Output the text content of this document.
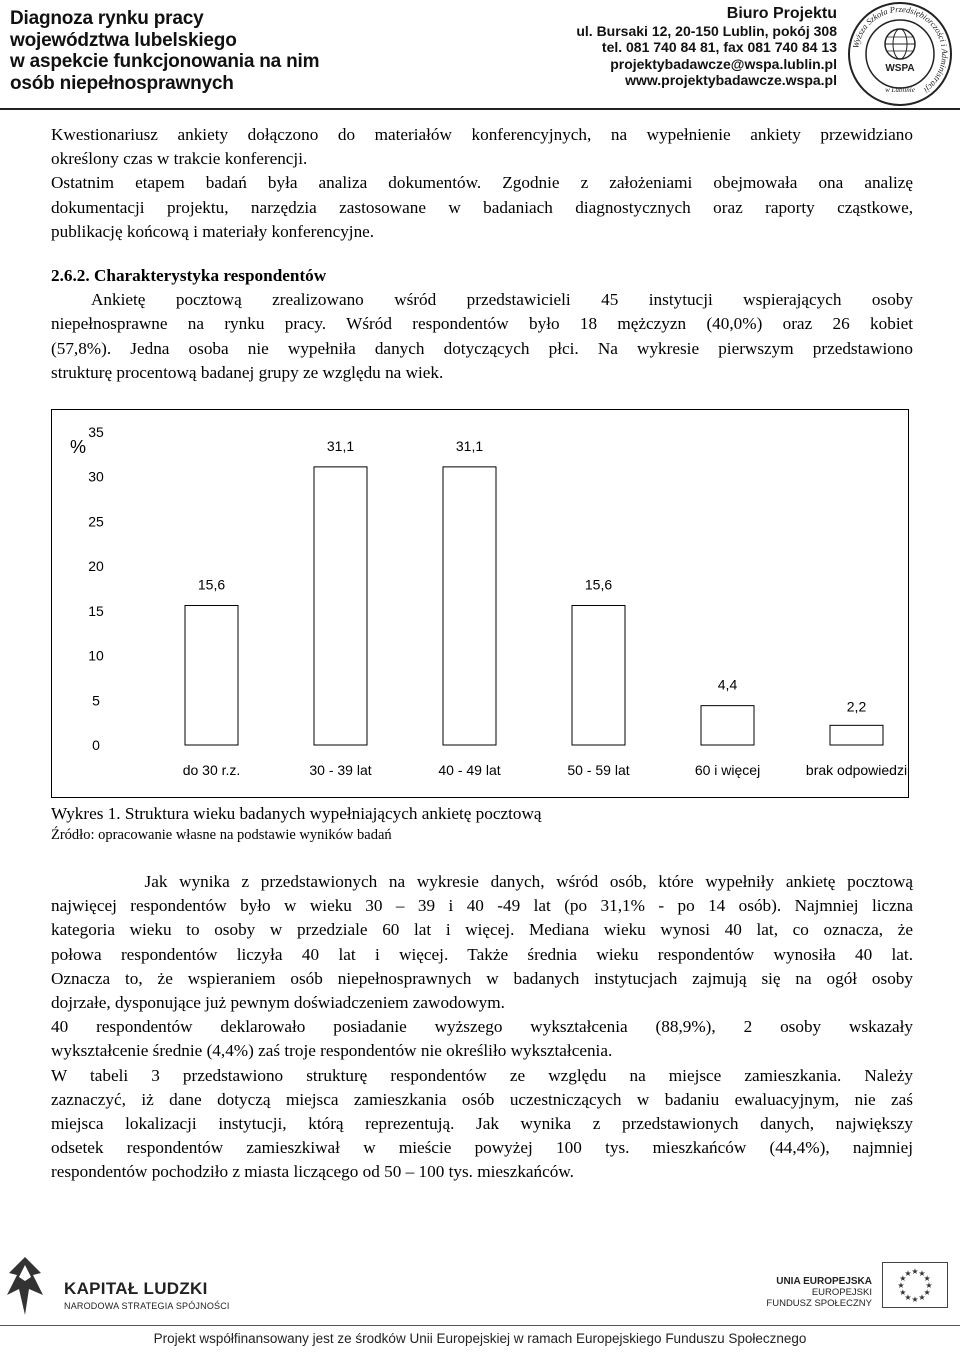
Diagnoza rynku pracy
województwa lubelskiego
w aspekcie funkcjonowania na nim
osób niepełnosprawnych
Biuro Projektu
ul. Bursaki 12, 20-150 Lublin, pokój 308
tel. 081 740 84 81, fax 081 740 84 13
projektybadawcze@wspa.lublin.pl
www.projektybadawcze.wspa.pl
Wyższa Szkoła Przedsiębiorczości i Administracji
WSPA
w Lublinie
Kwestionariusz ankiety dołączono do materiałów konferencyjnych, na wypełnienie ankiety przewidziano
określony czas w trakcie konferencji.
Ostatnim etapem badań była analiza dokumentów. Zgodnie z założeniami obejmowała ona analizę
dokumentacji projektu, narzędzia zastosowane w badaniach diagnostycznych oraz raporty cząstkowe,
publikację końcową i materiały konferencyjne.
2.6.2. Charakterystyka respondentów
Ankietę pocztową zrealizowano wśród przedstawicieli 45 instytucji wspierających osoby
niepełnosprawne na rynku pracy. Wśród respondentów było 18 mężczyzn (40,0%) oraz 26 kobiet
(57,8%). Jedna osoba nie wypełniła danych dotyczących płci. Na wykresie pierwszym przedstawiono
strukturę procentową badanej grupy ze względu na wiek.
%
0
5
10
15
20
25
30
35
15,6
do 30 r.z.
31,1
30 - 39 lat
31,1
40 - 49 lat
15,6
50 - 59 lat
4,4
60 i więcej
2,2
brak odpowiedzi
Wykres 1. Struktura wieku badanych wypełniających ankietę pocztową
Źródło: opracowanie własne na podstawie wyników badań
Jak wynika z przedstawionych na wykresie danych, wśród osób, które wypełniły ankietę pocztową
najwięcej respondentów było w wieku 30 – 39 i 40 -49 lat (po 31,1% - po 14 osób). Najmniej liczna
kategoria wieku to osoby w przedziale 60 lat i więcej. Mediana wieku wynosi 40 lat, co oznacza, że
połowa respondentów liczyła 40 lat i więcej. Także średnia wieku respondentów wynosiła 40 lat.
Oznacza to, że wspieraniem osób niepełnosprawnych w badanych instytucjach zajmują się na ogół osoby
dojrzałe, dysponujące już pewnym doświadczeniem zawodowym.
40 respondentów deklarowało posiadanie wyższego wykształcenia (88,9%), 2 osoby wskazały
wykształcenie średnie (4,4%) zaś troje respondentów nie określiło wykształcenia.
W tabeli 3 przedstawiono strukturę respondentów ze względu na miejsce zamieszkania. Należy
zaznaczyć, iż dane dotyczą miejsca zamieszkania osób uczestniczących w badaniu ewaluacyjnym, nie zaś
miejsca lokalizacji instytucji, którą reprezentują. Jak wynika z przedstawionych danych, największy
odsetek respondentów zamieszkiwał w mieście powyżej 100 tys. mieszkańców (44,4%), najmniej
respondentów pochodziło z miasta liczącego od 50 – 100 tys. mieszkańców.
KAPITAŁ LUDZKI
NARODOWA STRATEGIA SPÓJNOŚCI
UNIA EUROPEJSKA
EUROPEJSKI
FUNDUSZ SPOŁECZNY
★
★
★
★
★
★
★
★
★ ★ ★
★
Projekt współfinansowany jest ze środków Unii Europejskiej w ramach Europejskiego Funduszu Społecznego
